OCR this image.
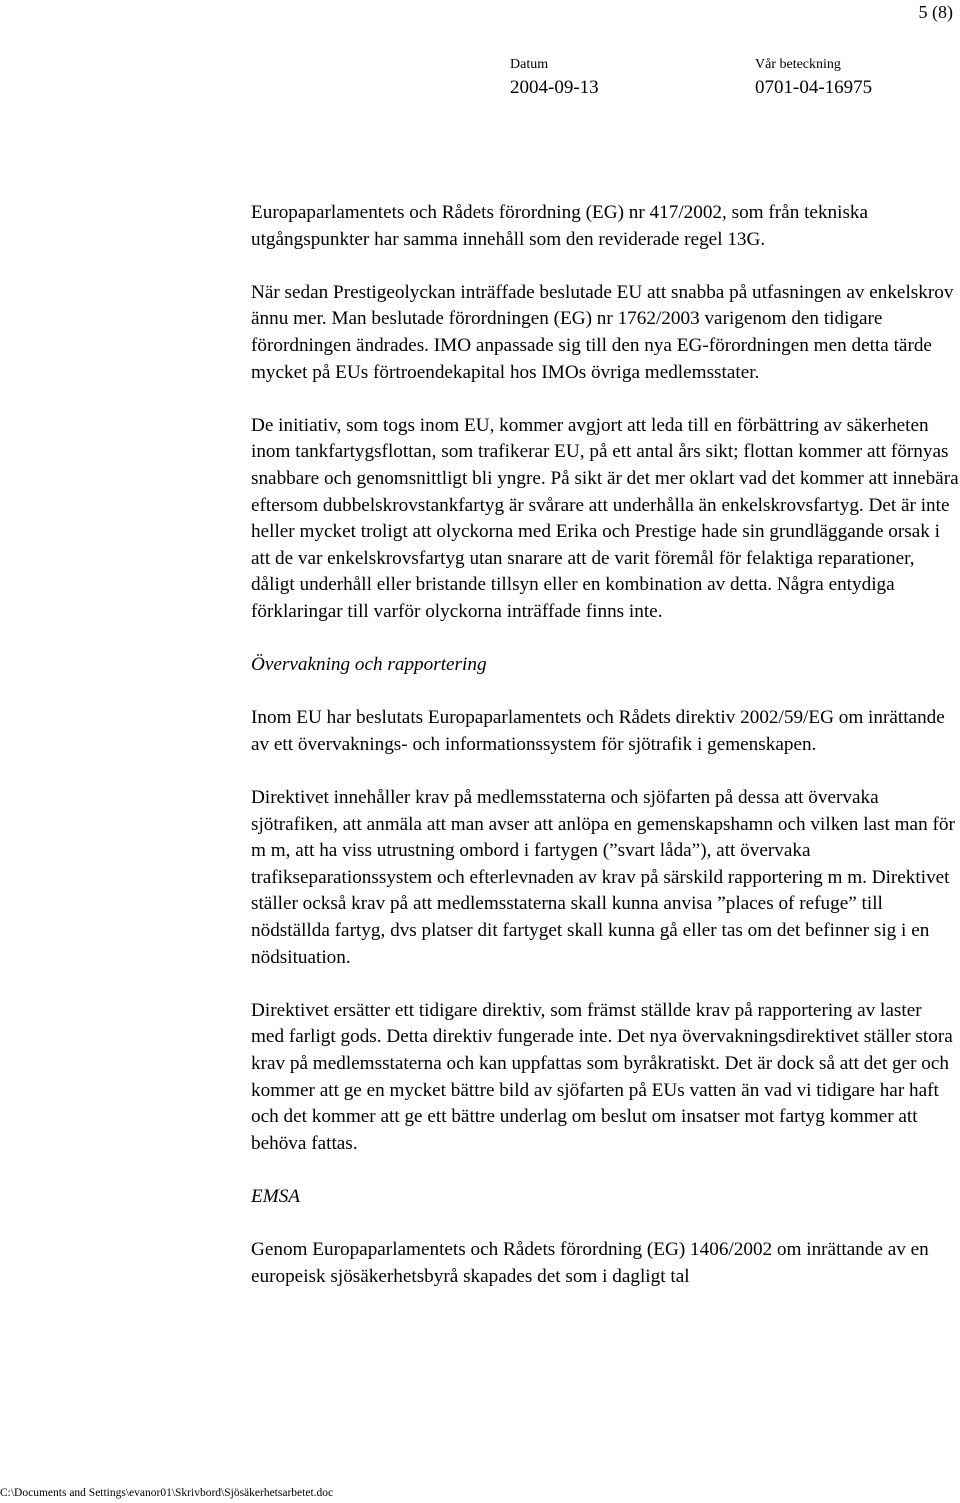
5 (8)
Datum
2004-09-13
Vår beteckning
0701-04-16975

Europaparlamentets och Rådets förordning (EG) nr 417/2002, som från tekniska utgångspunkter har samma innehåll som den reviderade regel 13G.

När sedan Prestigeolyckan inträffade beslutade EU att snabba på utfasningen av enkelskrov ännu mer. Man beslutade förordningen (EG) nr 1762/2003 varigenom den tidigare förordningen ändrades. IMO anpassade sig till den nya EG-förordningen men detta tärde mycket på EUs förtroendekapital hos IMOs övriga medlemsstater.

De initiativ, som togs inom EU, kommer avgjort att leda till en förbättring av säkerheten inom tankfartygsflottan, som trafikerar EU, på ett antal års sikt; flottan kommer att förnyas snabbare och genomsnittligt bli yngre. På sikt är det mer oklart vad det kommer att innebära eftersom dubbelskrovstankfartyg är svårare att underhålla än enkelskrovsfartyg. Det är inte heller mycket troligt att olyckorna med Erika och Prestige hade sin grundläggande orsak i att de var enkelskrovsfartyg utan snarare att de varit föremål för felaktiga reparationer, dåligt underhåll eller bristande tillsyn eller en kombination av detta. Några entydiga förklaringar till varför olyckorna inträffade finns inte.

Övervakning och rapportering

Inom EU har beslutats Europaparlamentets och Rådets direktiv 2002/59/EG om inrättande av ett övervaknings- och informationssystem för sjötrafik i gemenskapen.

Direktivet innehåller krav på medlemsstaterna och sjöfarten på dessa att övervaka sjötrafiken, att anmäla att man avser att anlöpa en gemenskapshamn och vilken last man för m m, att ha viss utrustning ombord i fartygen (”svart låda”), att övervaka trafikseparationssystem och efterlevnaden av krav på särskild rapportering m m. Direktivet ställer också krav på att medlemsstaterna skall kunna anvisa ”places of refuge” till nödställda fartyg, dvs platser dit fartyget skall kunna gå eller tas om det befinner sig i en nödsituation.

Direktivet ersätter ett tidigare direktiv, som främst ställde krav på rapportering av laster med farligt gods. Detta direktiv fungerade inte. Det nya övervakningsdirektivet ställer stora krav på medlemsstaterna och kan uppfattas som byråkratiskt. Det är dock så att det ger och kommer att ge en mycket bättre bild av sjöfarten på EUs vatten än vad vi tidigare har haft och det kommer att ge ett bättre underlag om beslut om insatser mot fartyg kommer att behöva fattas.

EMSA

Genom Europaparlamentets och Rådets förordning (EG) 1406/2002 om inrättande av en europeisk sjösäkerhetsbyrå skapades det som i dagligt tal

C:\Documents and Settings\evanor01\Skrivbord\Sjösäkerhetsarbetet.doc
